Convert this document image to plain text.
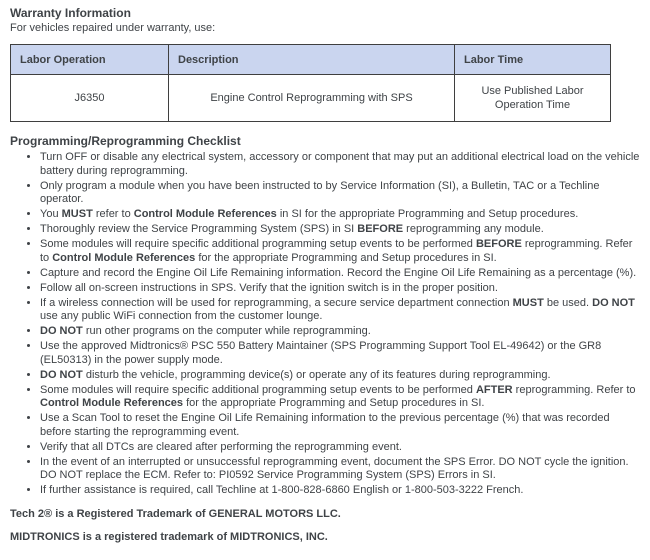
Warranty Information
For vehicles repaired under warranty, use:
Labor Operation	Description	Labor Time
J6350	Engine Control Reprogramming with SPS	Use Published Labor Operation Time
Programming/Reprogramming Checklist
• Turn OFF or disable any electrical system, accessory or component that may put an additional electrical load on the vehicle battery during reprogramming.
• Only program a module when you have been instructed to by Service Information (SI), a Bulletin, TAC or a Techline operator.
• You MUST refer to Control Module References in SI for the appropriate Programming and Setup procedures.
• Thoroughly review the Service Programming System (SPS) in SI BEFORE reprogramming any module.
• Some modules will require specific additional programming setup events to be performed BEFORE reprogramming. Refer to Control Module References for the appropriate Programming and Setup procedures in SI.
• Capture and record the Engine Oil Life Remaining information. Record the Engine Oil Life Remaining as a percentage (%).
• Follow all on-screen instructions in SPS. Verify that the ignition switch is in the proper position.
• If a wireless connection will be used for reprogramming, a secure service department connection MUST be used. DO NOT use any public WiFi connection from the customer lounge.
• DO NOT run other programs on the computer while reprogramming.
• Use the approved Midtronics® PSC 550 Battery Maintainer (SPS Programming Support Tool EL-49642) or the GR8 (EL50313) in the power supply mode.
• DO NOT disturb the vehicle, programming device(s) or operate any of its features during reprogramming.
• Some modules will require specific additional programming setup events to be performed AFTER reprogramming. Refer to Control Module References for the appropriate Programming and Setup procedures in SI.
• Use a Scan Tool to reset the Engine Oil Life Remaining information to the previous percentage (%) that was recorded before starting the reprogramming event.
• Verify that all DTCs are cleared after performing the reprogramming event.
• In the event of an interrupted or unsuccessful reprogramming event, document the SPS Error. DO NOT cycle the ignition. DO NOT replace the ECM. Refer to: PI0592 Service Programming System (SPS) Errors in SI.
• If further assistance is required, call Techline at 1-800-828-6860 English or 1-800-503-3222 French.
Tech 2® is a Registered Trademark of GENERAL MOTORS LLC.
MIDTRONICS is a registered trademark of MIDTRONICS, INC.
